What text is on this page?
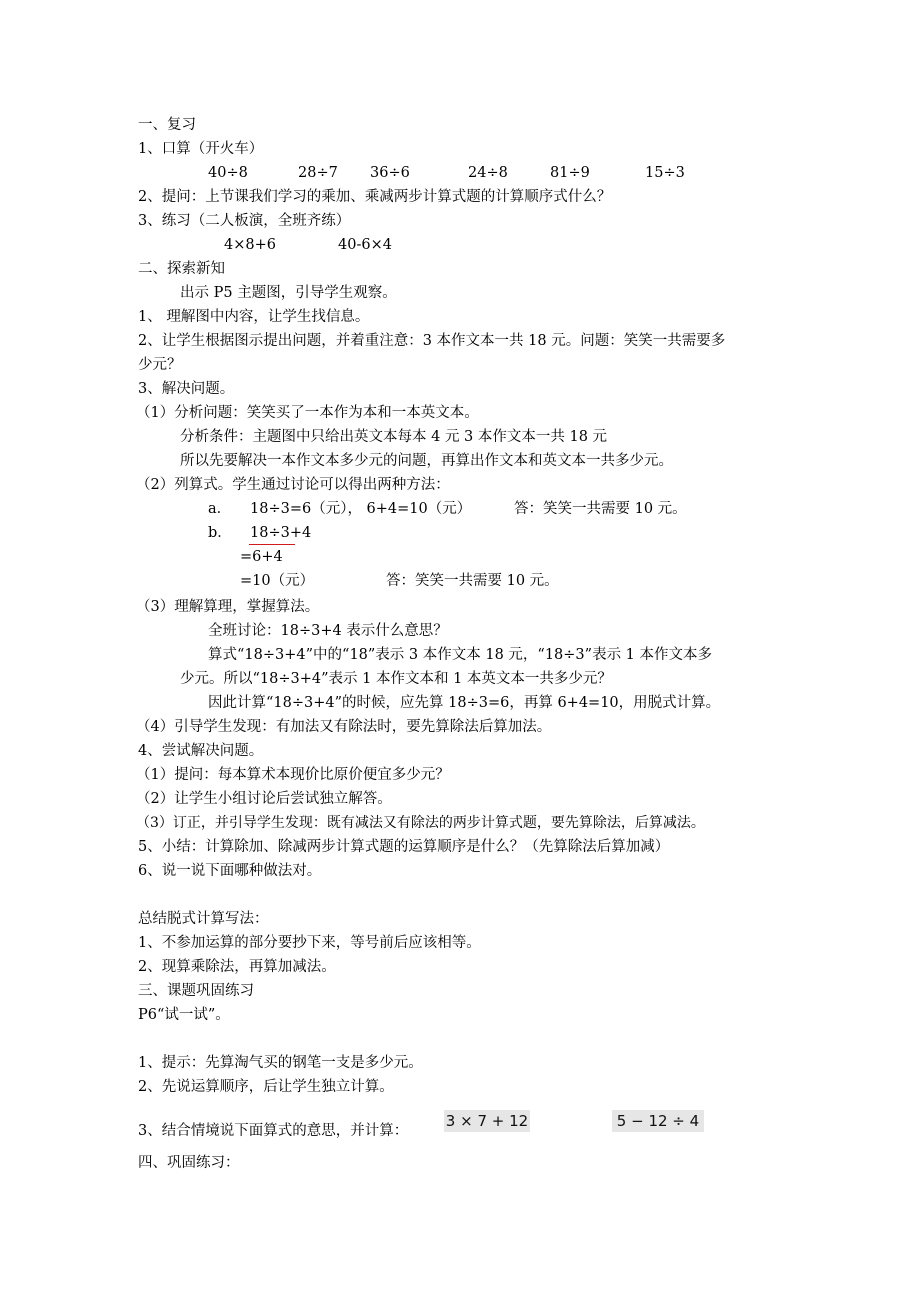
一、复习
1、口算（开火车）
40÷8	28÷7 36÷6	24÷8	81÷9	15÷3
2、提问：上节课我们学习的乘加、乘减两步计算式题的计算顺序式什么？
3、练习（二人板演，全班齐练）
4×8+6	40-6×4
二、探索新知
出示 P5 主题图，引导学生观察。
1、 理解图中内容，让学生找信息。
2、让学生根据图示提出问题，并着重注意：3 本作文本一共 18 元。问题：笑笑一共需要多
少元？
3、解决问题。
（1）分析问题：笑笑买了一本作为本和一本英文本。
分析条件：主题图中只给出英文本每本 4 元 3 本作文本一共 18 元
所以先要解决一本作文本多少元的问题，再算出作文本和英文本一共多少元。
（2）列算式。学生通过讨论可以得出两种方法：
a． 18÷3=6（元）， 6+4=10（元）	答：笑笑一共需要 10 元。
b． 18÷3+4
=6+4
=10（元）	答：笑笑一共需要 10 元。
（3）理解算理，掌握算法。
全班讨论：18÷3+4 表示什么意思？
算式“18÷3+4”中的“18”表示 3 本作文本 18 元，“18÷3”表示 1 本作文本多
少元。所以“18÷3+4”表示 1 本作文本和 1 本英文本一共多少元？
因此计算“18÷3+4”的时候，应先算 18÷3=6，再算 6+4=10，用脱式计算。
（4）引导学生发现：有加法又有除法时，要先算除法后算加法。
4、尝试解决问题。
（1）提问：每本算术本现价比原价便宜多少元？
（2）让学生小组讨论后尝试独立解答。
（3）订正，并引导学生发现：既有减法又有除法的两步计算式题，要先算除法，后算减法。
5、小结：计算除加、除减两步计算式题的运算顺序是什么？（先算除法后算加减）
6、说一说下面哪种做法对。
总结脱式计算写法：
1、不参加运算的部分要抄下来，等号前后应该相等。
2、现算乘除法，再算加减法。
三、课题巩固练习
P6“试一试”。
1、提示：先算淘气买的钢笔一支是多少元。
2、先说运算顺序，后让学生独立计算。
3、结合情境说下面算式的意思，并计算：
3 × 7 + 12	5 − 12 ÷ 4
四、巩固练习：
